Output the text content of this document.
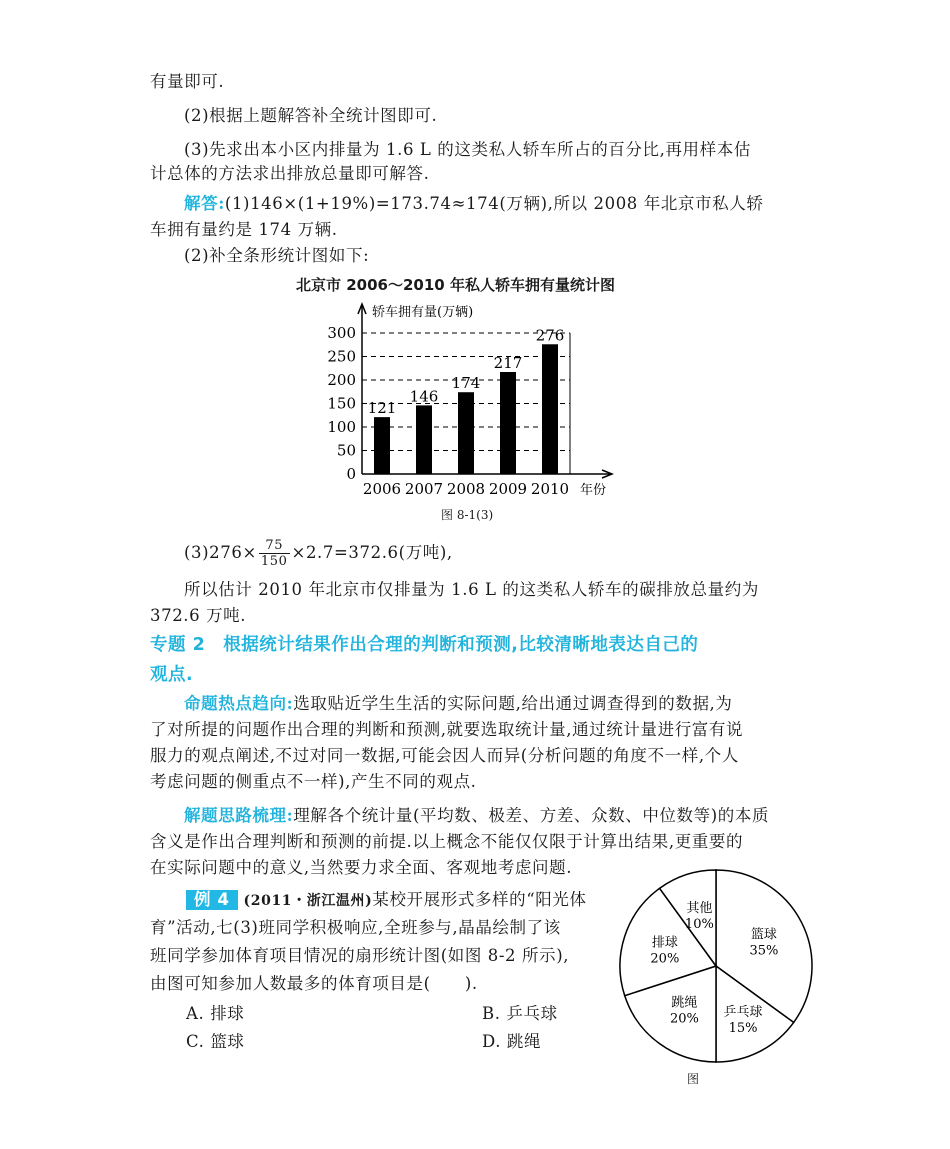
有量即可.
(2)根据上题解答补全统计图即可.
(3)先求出本小区内排量为 1.6 L 的这类私人轿车所占的百分比,再用样本估
计总体的方法求出排放总量即可解答.
解答:(1)146×(1+19%)=173.74≈174(万辆),所以 2008 年北京市私人轿
车拥有量约是 174 万辆.
(2)补全条形统计图如下:
北京市 2006～2010 年私人轿车拥有量统计图
0
50
100
150
200
250
300
轿车拥有量(万辆)
121
2006
146
2007
174
2008
217
2009
276
2010 年份
图 8-1(3)
$(3)276\times \frac{75}{150} \times 2.7=372.6$(万吨),
所以估计 2010 年北京市仅排量为 1.6 L 的这类私人轿车的碳排放总量约为
372.6 万吨.
专题 2　根据统计结果作出合理的判断和预测,比较清晰地表达自己的
观点.
命题热点趋向:选取贴近学生生活的实际问题,给出通过调查得到的数据,为
了对所提的问题作出合理的判断和预测,就要选取统计量,通过统计量进行富有说
服力的观点阐述,不过对同一数据,可能会因人而异(分析问题的角度不一样,个人
考虑问题的侧重点不一样),产生不同的观点.
解题思路梳理:理解各个统计量(平均数、极差、方差、众数、中位数等)的本质
含义是作出合理判断和预测的前提.以上概念不能仅仅限于计算出结果,更重要的
在实际问题中的意义,当然要力求全面、客观地考虑问题.
例 4 (2011・浙江温州)某校开展形式多样的“阳光体
育”活动,七(3)班同学积极响应,全班参与,晶晶绘制了该
班同学参加体育项目情况的扇形统计图(如图 8-2 所示),
由图可知参加人数最多的体育项目是(　　).
A. 排球	B. 乒乓球
C. 篮球	D. 跳绳
篮球
35%
乒乓球
15%
跳绳
20%
排球
20%
其他
10%
图
